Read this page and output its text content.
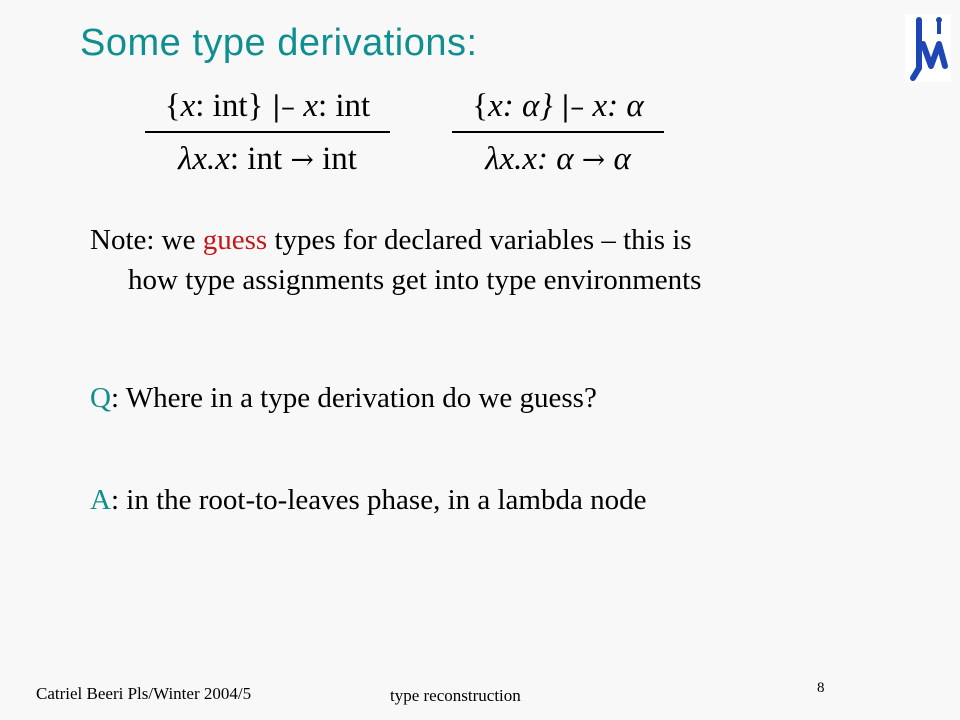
Some type derivations:
{x: int} |– x: int
λx.x: int → int
{x: α} |– x: α
λx.x: α → α
Note: we guess types for declared variables – this is
how type assignments get into type environments
Q: Where in a type derivation do we guess?
A: in the root-to-leaves phase, in a lambda node
Catriel Beeri Pls/Winter 2004/5	type reconstruction	8
